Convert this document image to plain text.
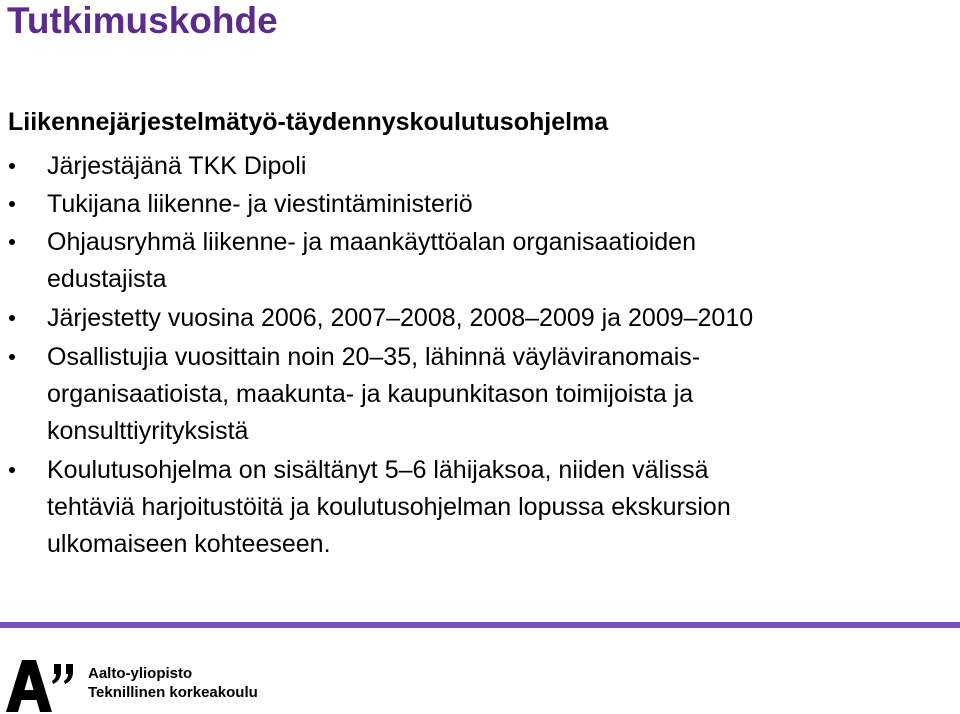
Tutkimuskohde
Liikennejärjestelmätyö-täydennyskoulutusohjelma
Järjestäjänä TKK Dipoli
Tukijana liikenne- ja viestintäministeriö
Ohjausryhmä liikenne- ja maankäyttöalan organisaatioiden
edustajista
Järjestetty vuosina 2006, 2007–2008, 2008–2009 ja 2009–2010
Osallistujia vuosittain noin 20–35, lähinnä väyläviranomais-
organisaatioista, maakunta- ja kaupunkitason toimijoista ja
konsulttiyrityksistä
Koulutusohjelma on sisältänyt 5–6 lähijaksoa, niiden välissä
tehtäviä harjoitustöitä ja koulutusohjelman lopussa ekskursion
ulkomaiseen kohteeseen.
Aalto-yliopisto
Teknillinen korkeakoulu
